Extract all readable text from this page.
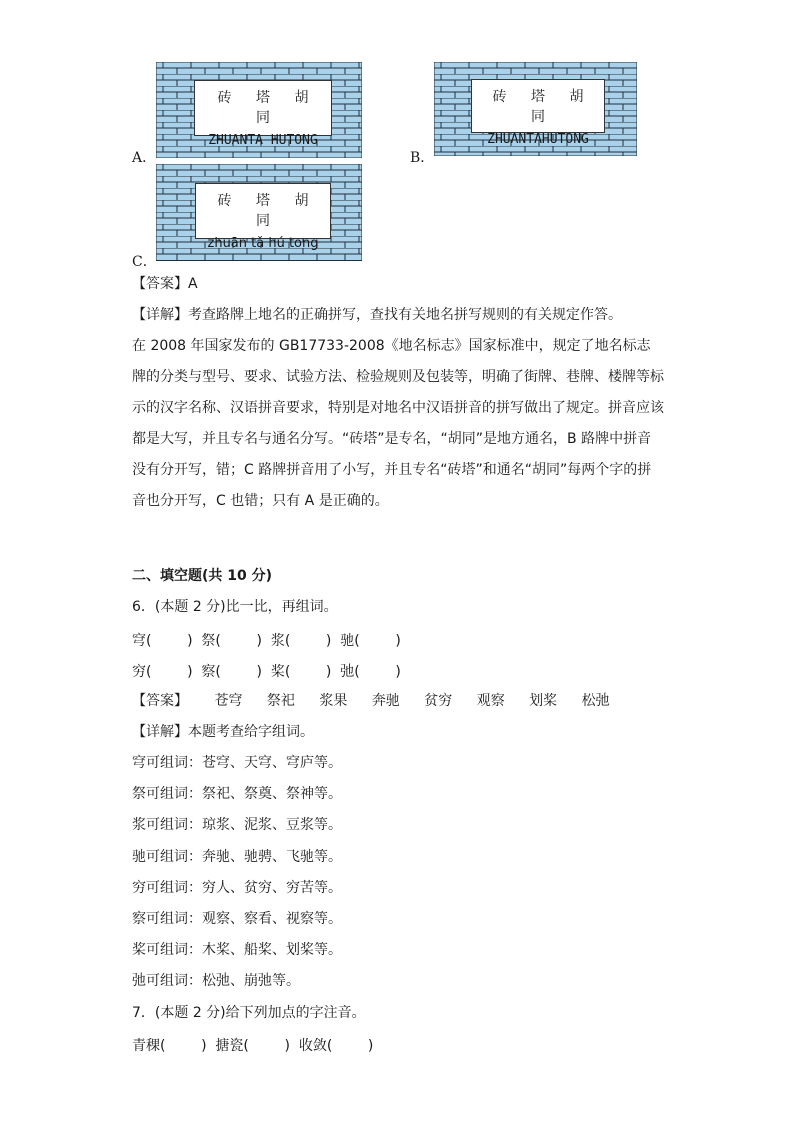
砖 塔 胡 同
ZHUANTA HUTONG
A．
砖 塔 胡 同
ZHUANTAHUTONG
B．
砖 塔 胡 同
zhuān tǎ hú tong
C．
【答案】A
【详解】考查路牌上地名的正确拼写，查找有关地名拼写规则的有关规定作答。
在 2008 年国家发布的 GB17733-2008《地名标志》国家标准中，规定了地名标志牌的分类与型号、要求、试验方法、检验规则及包装等，明确了街牌、巷牌、楼牌等标示的汉字名称、汉语拼音要求，特别是对地名中汉语拼音的拼写做出了规定。拼音应该都是大写，并且专名与通名分写。“砖塔”是专名，“胡同”是地方通名，B 路牌中拼音没有分开写，错；C 路牌拼音用了小写，并且专名“砖塔”和通名“胡同”每两个字的拼音也分开写，C 也错；只有 A 是正确的。
二、填空题(共 10 分)
6．(本题 2 分)比一比，再组词。
穹(        )  祭(        )  浆(        )  驰(        )
穷(        )  察(        )  桨(        )  弛(        )
【答案】 苍穹 祭祀 浆果 奔驰 贫穷 观察 划桨 松弛
【详解】本题考查给字组词。
穹可组词：苍穹、天穹、穹庐等。
祭可组词：祭祀、祭奠、祭神等。
浆可组词：琼浆、泥浆、豆浆等。
驰可组词：奔驰、驰骋、飞驰等。
穷可组词：穷人、贫穷、穷苦等。
察可组词：观察、察看、视察等。
桨可组词：木桨、船桨、划桨等。
弛可组词：松弛、崩弛等。
7．(本题 2 分)给下列加点的字注音。
青稞(        )  搪瓷(        )  收敛(        )
